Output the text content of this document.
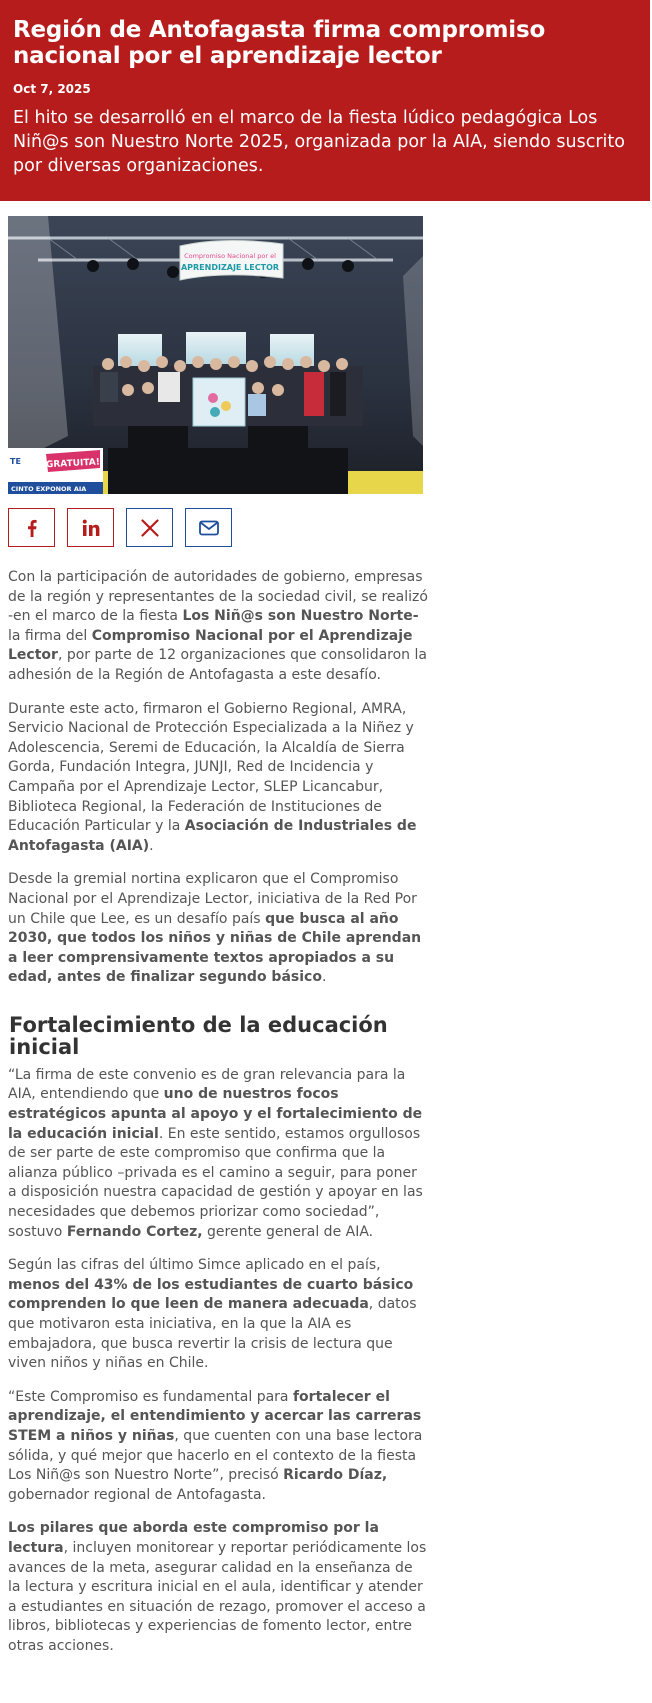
Región de Antofagasta firma compromiso nacional por el aprendizaje lector
Oct 7, 2025
El hito se desarrolló en el marco de la fiesta lúdico pedagógica Los Niñ@s son Nuestro Norte 2025, organizada por la AIA, siendo suscrito por diversas organizaciones.
Compromiso Nacional por el
APRENDIZAJE LECTOR
¡GRATUITA!
TE
CINTO EXPONOR AIA

Con la participación de autoridades de gobierno, empresas de la región y representantes de la sociedad civil, se realizó -en el marco de la fiesta Los Niñ@s son Nuestro Norte- la firma del Compromiso Nacional por el Aprendizaje Lector, por parte de 12 organizaciones que consolidaron la adhesión de la Región de Antofagasta a este desafío.

Durante este acto, firmaron el Gobierno Regional, AMRA, Servicio Nacional de Protección Especializada a la Niñez y Adolescencia, Seremi de Educación, la Alcaldía de Sierra Gorda, Fundación Integra, JUNJI, Red de Incidencia y Campaña por el Aprendizaje Lector, SLEP Licancabur, Biblioteca Regional, la Federación de Instituciones de Educación Particular y la Asociación de Industriales de Antofagasta (AIA).

Desde la gremial nortina explicaron que el Compromiso Nacional por el Aprendizaje Lector, iniciativa de la Red Por un Chile que Lee, es un desafío país que busca al año 2030, que todos los niños y niñas de Chile aprendan a leer comprensivamente textos apropiados a su edad, antes de finalizar segundo básico.

Fortalecimiento de la educación inicial

“La firma de este convenio es de gran relevancia para la AIA, entendiendo que uno de nuestros focos estratégicos apunta al apoyo y el fortalecimiento de la educación inicial. En este sentido, estamos orgullosos de ser parte de este compromiso que confirma que la alianza público –privada es el camino a seguir, para poner a disposición nuestra capacidad de gestión y apoyar en las necesidades que debemos priorizar como sociedad”, sostuvo Fernando Cortez, gerente general de AIA.

Según las cifras del último Simce aplicado en el país, menos del 43% de los estudiantes de cuarto básico comprenden lo que leen de manera adecuada, datos que motivaron esta iniciativa, en la que la AIA es embajadora, que busca revertir la crisis de lectura que viven niños y niñas en Chile.

“Este Compromiso es fundamental para fortalecer el aprendizaje, el entendimiento y acercar las carreras STEM a niños y niñas, que cuenten con una base lectora sólida, y qué mejor que hacerlo en el contexto de la fiesta Los Niñ@s son Nuestro Norte”, precisó Ricardo Díaz, gobernador regional de Antofagasta.

Los pilares que aborda este compromiso por la lectura, incluyen monitorear y reportar periódicamente los avances de la meta, asegurar calidad en la enseñanza de la lectura y escritura inicial en el aula, identificar y atender a estudiantes en situación de rezago, promover el acceso a libros, bibliotecas y experiencias de fomento lector, entre otras acciones.
